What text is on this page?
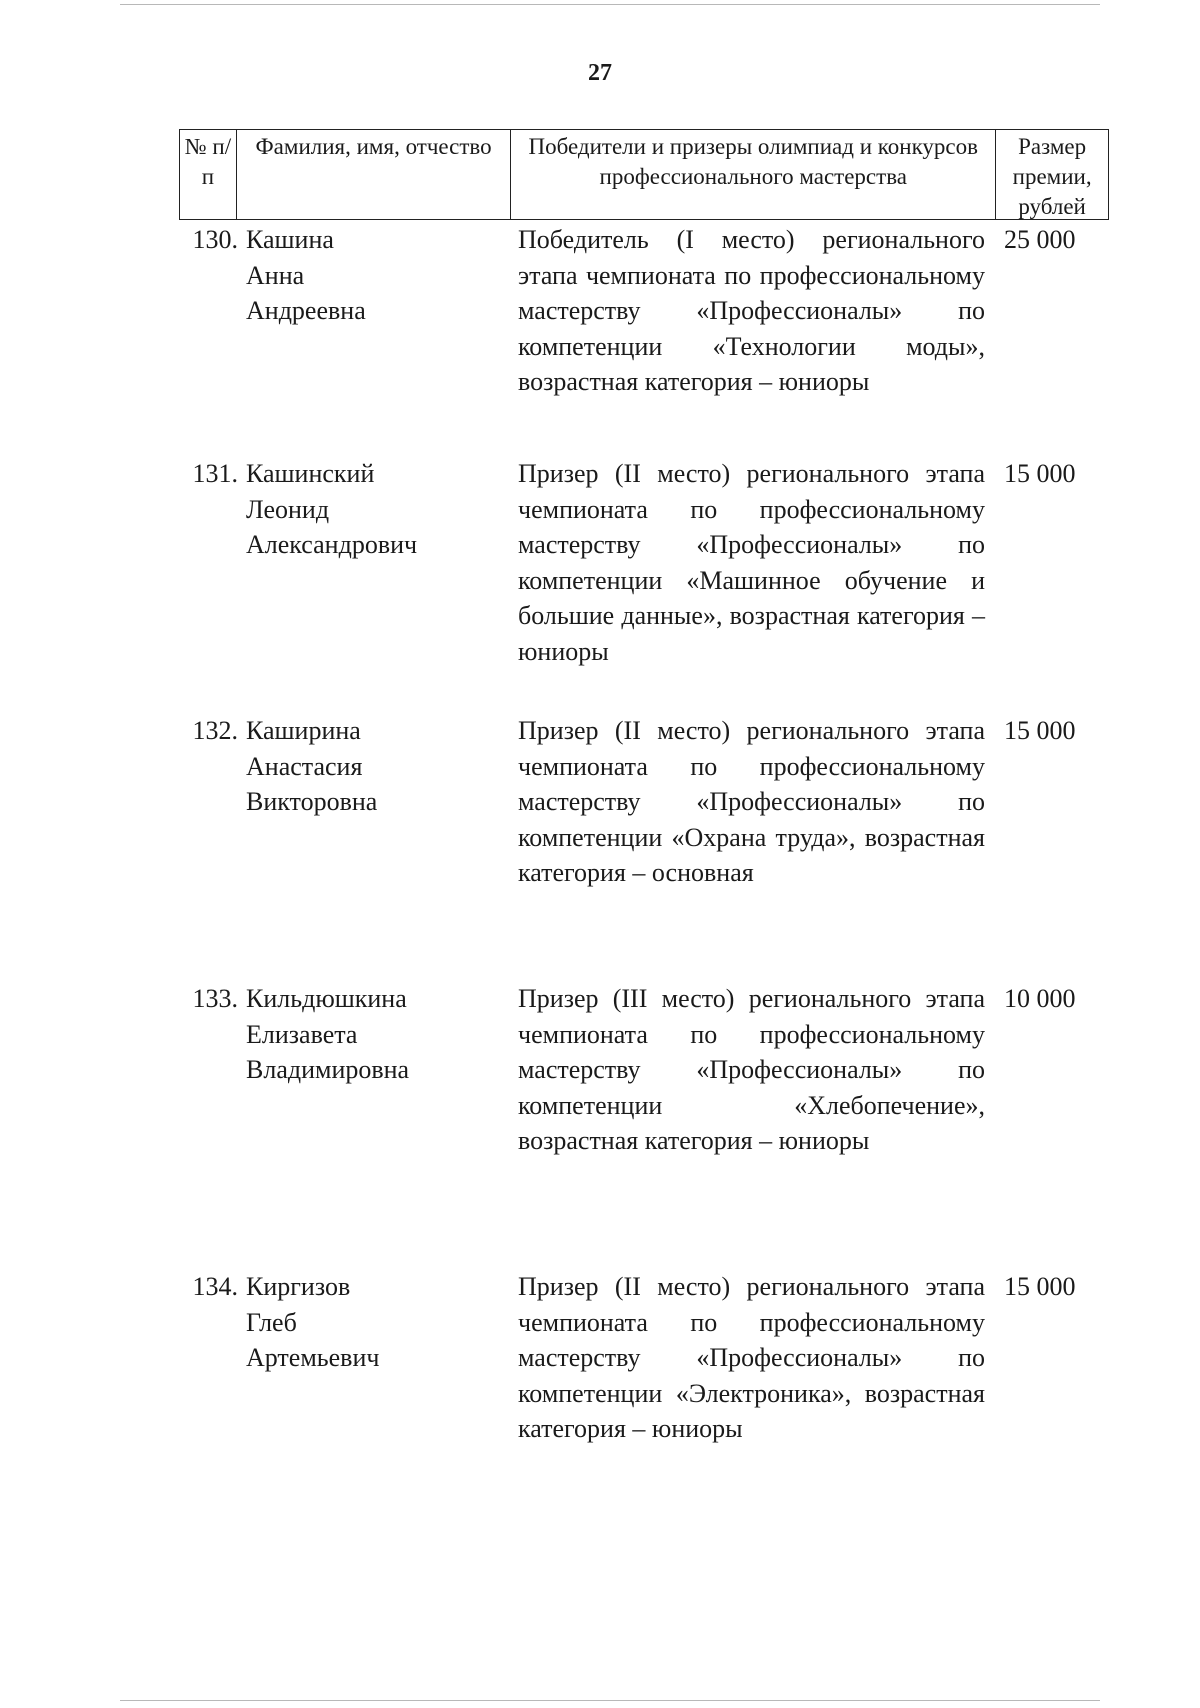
27
№ п/п
Фамилия, имя, отчество	Победители и призеры олимпиад и конкурсов профессионального мастерства
Размер премии, рублей
130. Кашина
Анна
Андреевна
Победитель (I место) регионального этапа чемпионата по профессиональному мастерству «Профессионалы» по компетенции «Технологии моды», возрастная категория – юниоры
25 000
131. Кашинский
Леонид
Александрович
Призер (II место) регионального этапа чемпионата по профессиональному мастерству «Профессионалы» по компетенции «Машинное обучение и большие данные», возрастная категория – юниоры
15 000
132. Каширина
Анастасия
Викторовна
Призер (II место) регионального этапа чемпионата по профессиональному мастерству «Профессионалы» по компетенции «Охрана труда», возрастная категория – основная
15 000
133. Кильдюшкина
Елизавета
Владимировна
Призер (III место) регионального этапа чемпионата по профессиональному мастерству «Профессионалы» по компетенции «Хлебопечение», возрастная категория – юниоры
10 000
134. Киргизов
Глеб
Артемьевич
Призер (II место) регионального этапа чемпионата по профессиональному мастерству «Профессионалы» по компетенции «Электроника», возрастная категория – юниоры
15 000
